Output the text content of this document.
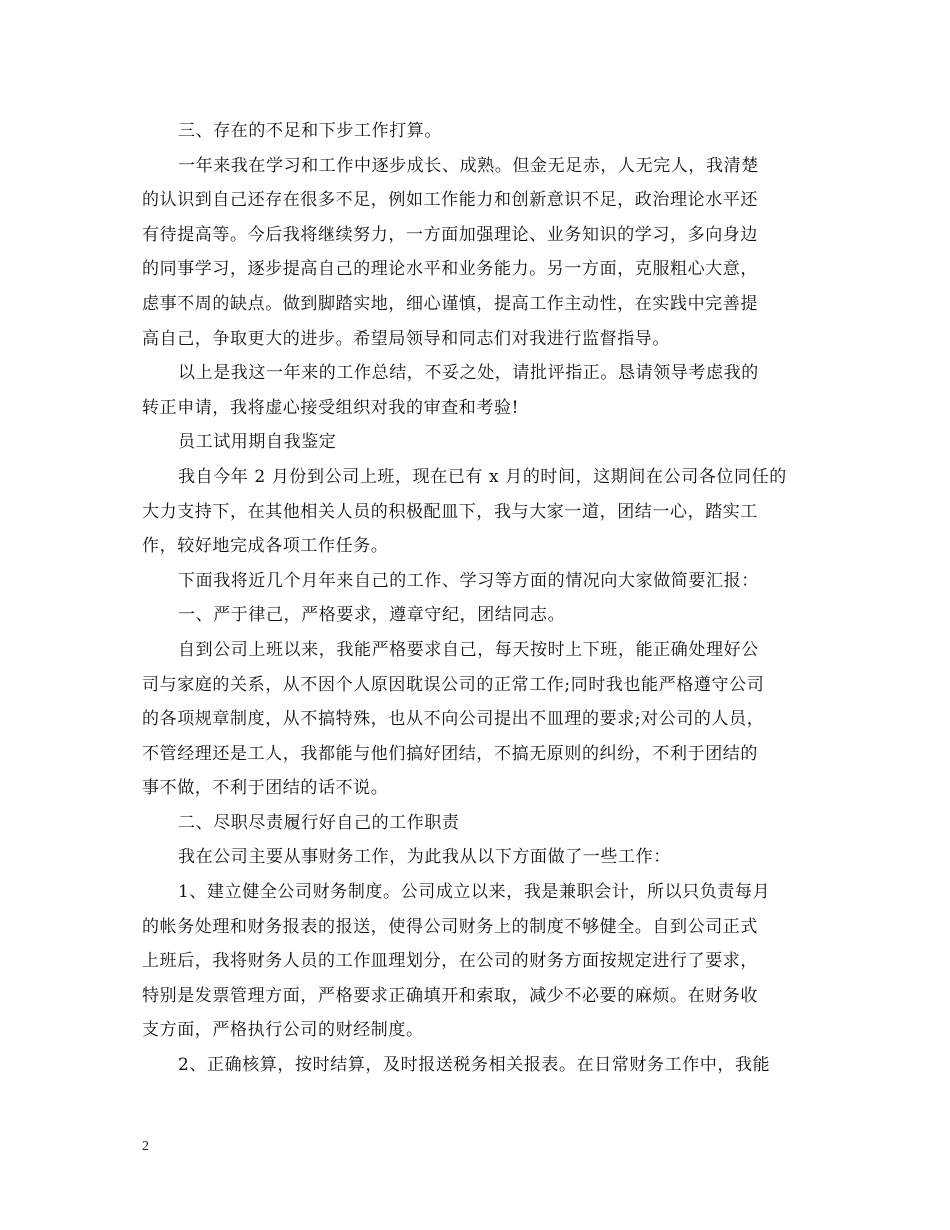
三、存在的不足和下步工作打算。
一年来我在学习和工作中逐步成长、成熟。但金无足赤，人无完人，我清楚
的认识到自己还存在很多不足，例如工作能力和创新意识不足，政治理论水平还
有待提高等。今后我将继续努力，一方面加强理论、业务知识的学习，多向身边
的同事学习，逐步提高自己的理论水平和业务能力。另一方面，克服粗心大意，
虑事不周的缺点。做到脚踏实地，细心谨慎，提高工作主动性，在实践中完善提
高自己，争取更大的进步。希望局领导和同志们对我进行监督指导。
以上是我这一年来的工作总结，不妥之处，请批评指正。恳请领导考虑我的
转正申请，我将虚心接受组织对我的审查和考验!
员工试用期自我鉴定
我自今年 2 月份到公司上班，现在已有 x 月的时间，这期间在公司各位同任的
大力支持下，在其他相关人员的积极配皿下，我与大家一道，团结一心，踏实工
作，较好地完成各项工作任务。
下面我将近几个月年来自己的工作、学习等方面的情况向大家做简要汇报：
一、严于律己，严格要求，遵章守纪，团结同志。
自到公司上班以来，我能严格要求自己，每天按时上下班，能正确处理好公
司与家庭的关系，从不因个人原因耽误公司的正常工作;同时我也能严格遵守公司
的各项规章制度，从不搞特殊，也从不向公司提出不皿理的要求;对公司的人员，
不管经理还是工人，我都能与他们搞好团结，不搞无原则的纠纷，不利于团结的
事不做，不利于团结的话不说。
二、尽职尽责履行好自己的工作职责
我在公司主要从事财务工作，为此我从以下方面做了一些工作：
1、建立健全公司财务制度。公司成立以来，我是兼职会计，所以只负责每月
的帐务处理和财务报表的报送，使得公司财务上的制度不够健全。自到公司正式
上班后，我将财务人员的工作皿理划分，在公司的财务方面按规定进行了要求，
特别是发票管理方面，严格要求正确填开和索取，减少不必要的麻烦。在财务收
支方面，严格执行公司的财经制度。
2、正确核算，按时结算，及时报送税务相关报表。在日常财务工作中，我能
2
